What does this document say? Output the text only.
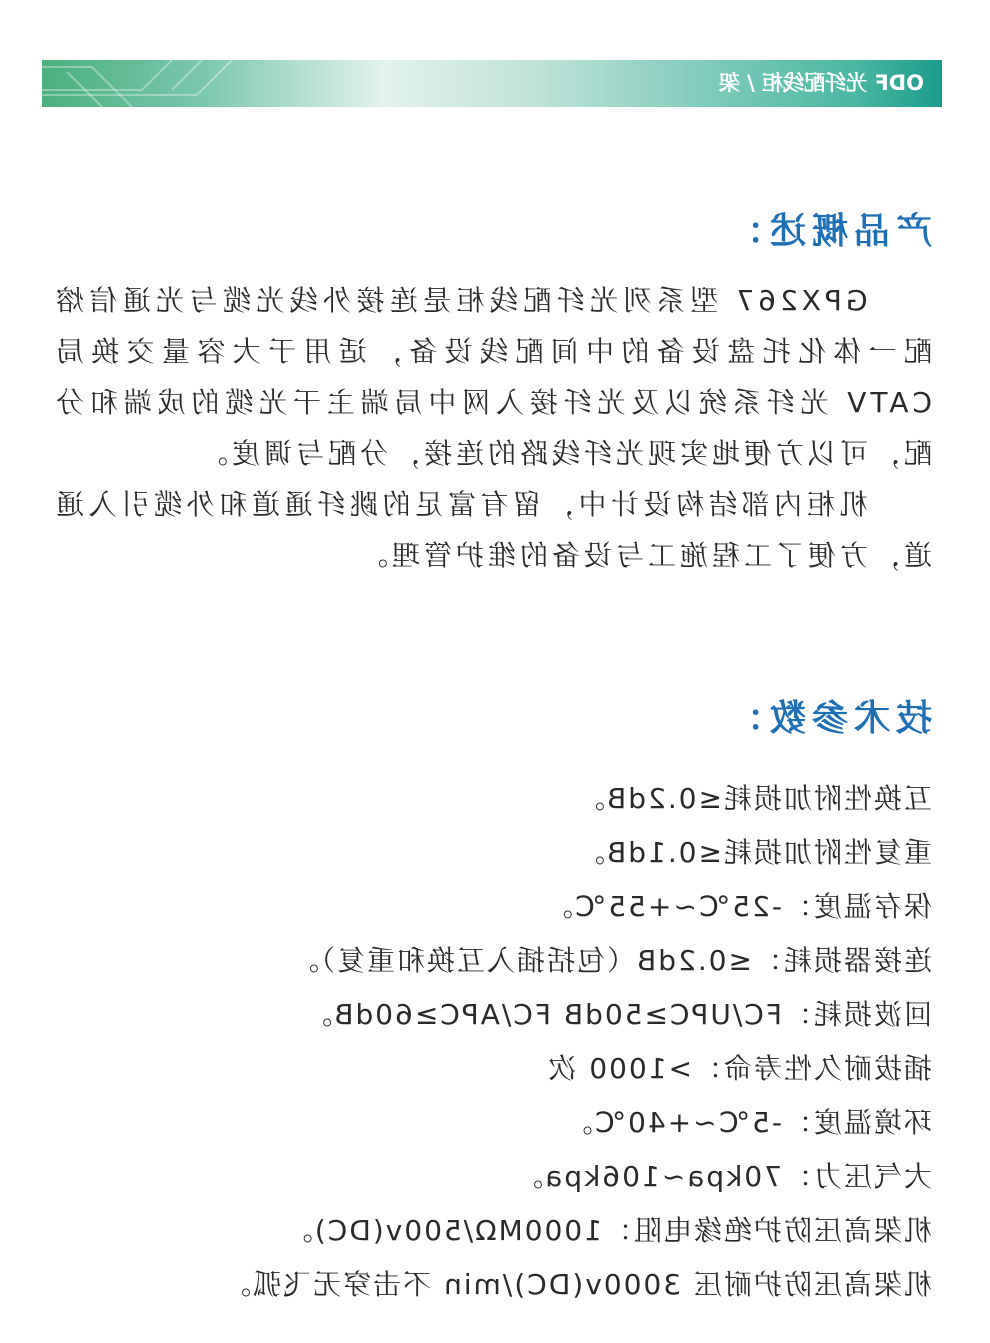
ODF 光纤配线柜 / 架
产品概述：

GPX267 型系列光纤配线柜是连接外线光缆与光通信熔配一体化托盘设备的中间配线设备，适用于大容量交换局CATV 光纤系统以及光纤接入网中局端主干光缆的成端和分配，可以方便地实现光纤线路的连接，分配与调度。

机柜内部结构设计中，留有富足的跳纤通道和外缆引入通道，方便了工程施工与设备的维护管理。

技术参数：
互换性附加损耗≤0.2dB。
重复性附加损耗≤0.1dB。
保存温度：-25℃~+55℃。
连接器损耗：≤0.2dB（包括插入互换和重复）。
回波损耗：FC/UPC≥50dB FC/APC≥60dB。
插拔耐久性寿命：>1000 次
环境温度：-5℃~+40℃。
大气压力：70kpa~106kpa。
机架高压防护绝缘电阻：1000MΩ/500v(DC)。
机架高压防护耐压 3000v(DC)/min 不击穿无飞弧。
